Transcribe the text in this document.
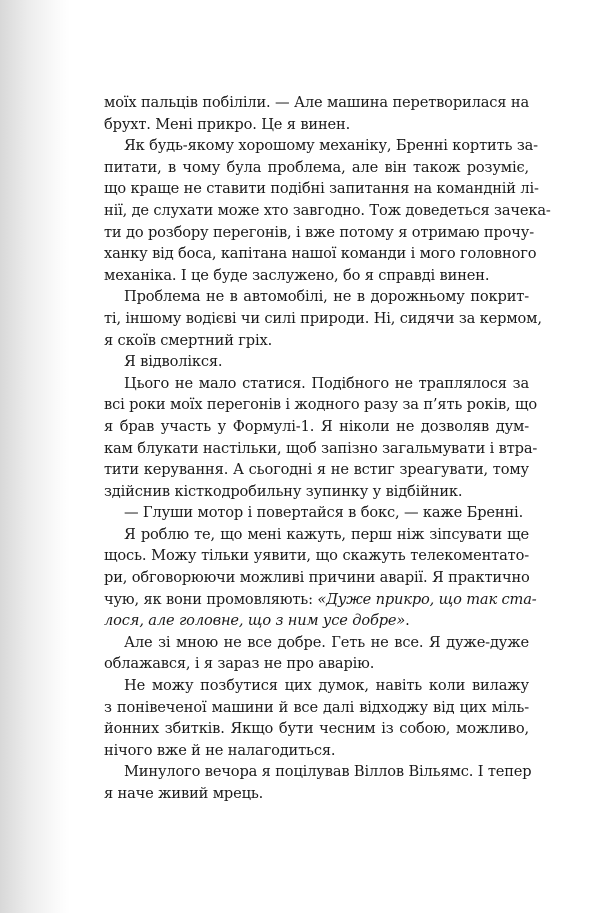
моїх пальців побіліли. — Але машина перетворилася на
брухт. Мені прикро. Це я винен.
Як будь-якому хорошому механіку, Бренні кортить за-
питати, в чому була проблема, але він також розуміє,
що краще не ставити подібні запитання на командній лі-
нії, де слухати може хто завгодно. Тож доведеться зачека-
ти до розбору перегонів, і вже потому я отримаю прочу-
ханку від боса, капітана нашої команди і мого головного
механіка. І це буде заслужено, бо я справді винен.
Проблема не в автомобілі, не в дорожньому покрит-
ті, іншому водієві чи силі природи. Ні, сидячи за кермом,
я скоїв смертний гріх.
Я відволікся.
Цього не мало статися. Подібного не траплялося за
всі роки моїх перегонів і жодного разу за п’ять років, що
я брав участь у Формулі-1. Я ніколи не дозволяв дум-
кам блукати настільки, щоб запізно загальмувати і втра-
тити керування. А сьогодні я не встиг зреагувати, тому
здійснив кісткодробильну зупинку у відбійник.
— Глуши мотор і повертайся в бокс, — каже Бренні.
Я роблю те, що мені кажуть, перш ніж зіпсувати ще
щось. Можу тільки уявити, що скажуть телекоментато-
ри, обговорюючи можливі причини аварії. Я практично
чую, як вони промовляють: «Дуже прикро, що так ста-
лося, але головне, що з ним усе добре».
Але зі мною не все добре. Геть не все. Я дуже-дуже
облажався, і я зараз не про аварію.
Не можу позбутися цих думок, навіть коли вилажу
з понівеченої машини й все далі відходжу від цих міль-
йонних збитків. Якщо бути чесним із собою, можливо,
нічого вже й не налагодиться.
Минулого вечора я поцілував Віллов Вільямс. І тепер
я наче живий мрець.
